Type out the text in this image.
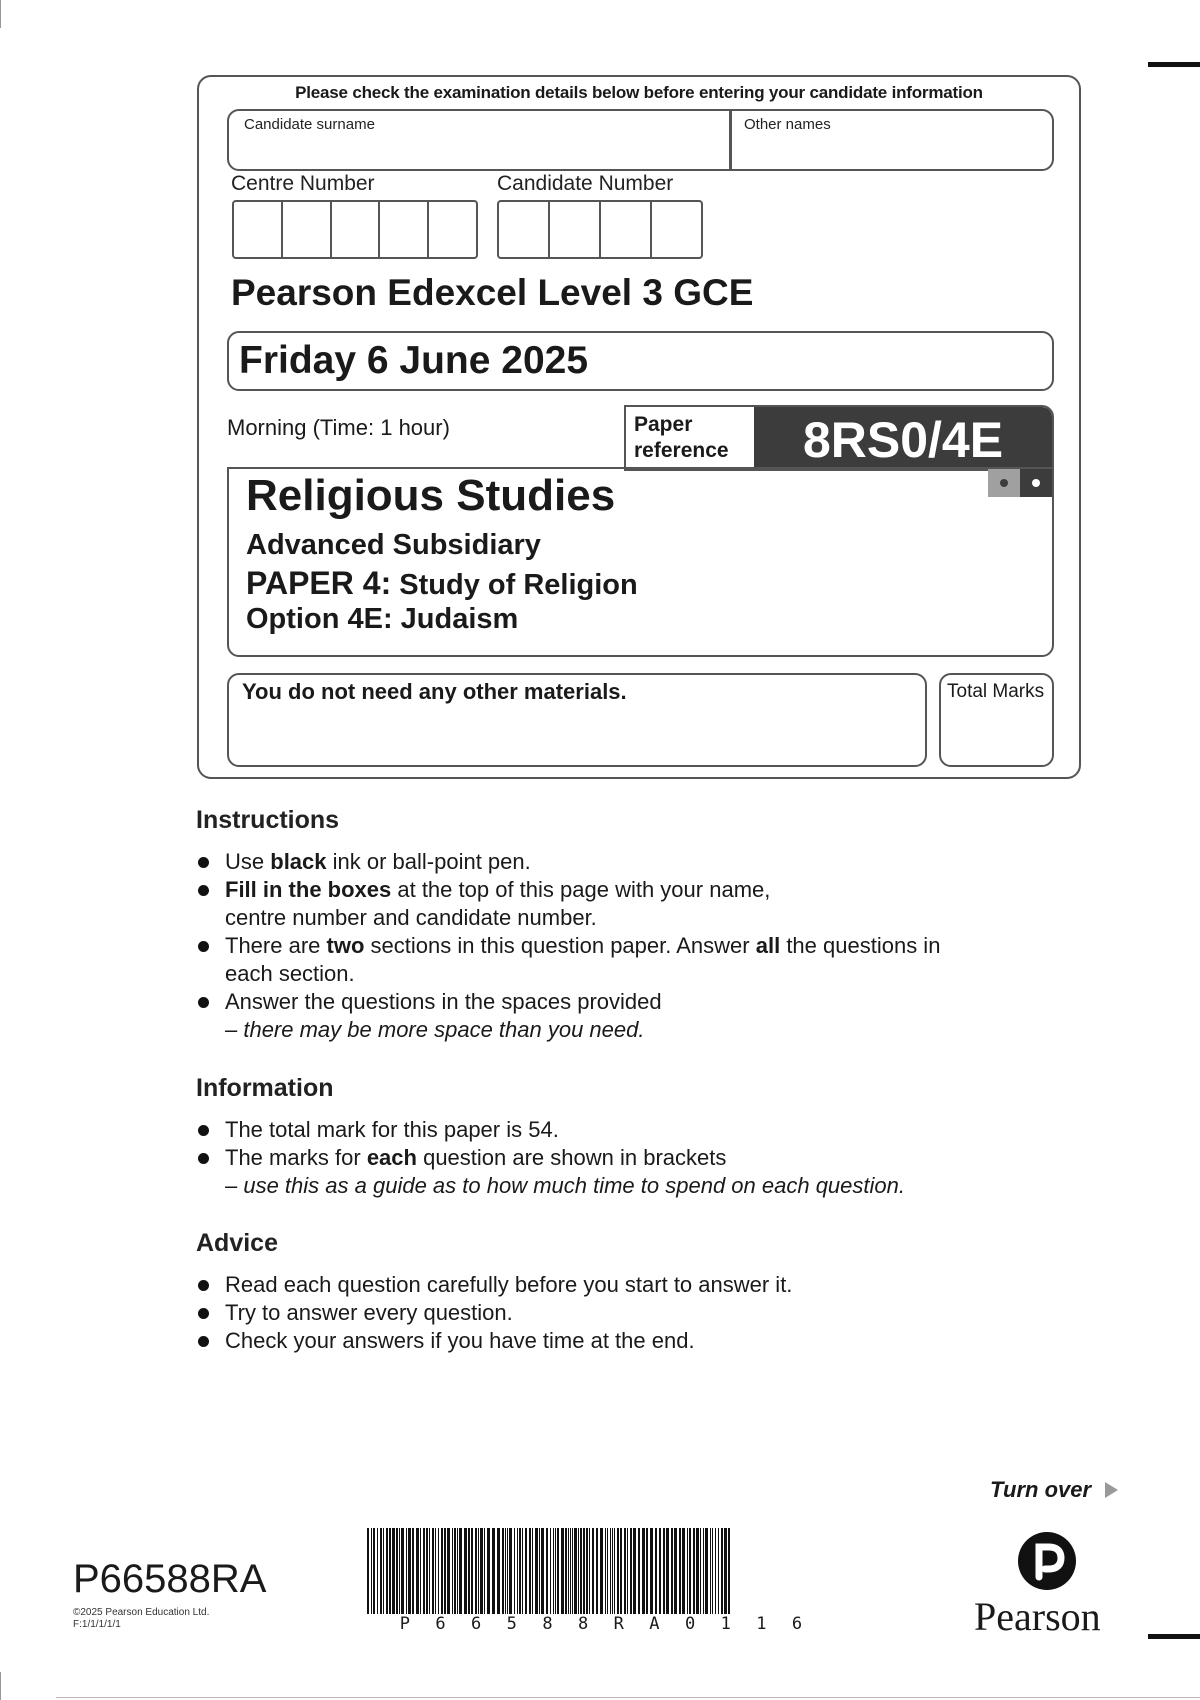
Please check the examination details below before entering your candidate information
Candidate surname	Other names
Centre Number	Candidate Number
Pearson Edexcel Level 3 GCE
Friday 6 June 2025
Morning (Time: 1 hour)	Paper
reference	8RS0/4E
Religious Studies
Advanced Subsidiary
PAPER 4: Study of Religion
Option 4E: Judaism
You do not need any other materials.	Total Marks
Instructions
Use black ink or ball-point pen.
Fill in the boxes at the top of this page with your name,
centre number and candidate number.
There are two sections in this question paper. Answer all the questions in
each section.
Answer the questions in the spaces provided
– there may be more space than you need.
Information
The total mark for this paper is 54.
The marks for each question are shown in brackets
– use this as a guide as to how much time to spend on each question.
Advice
Read each question carefully before you start to answer it.
Try to answer every question.
Check your answers if you have time at the end.
Turn over
P66588RA
©2025 Pearson Education Ltd.
F:1/1/1/1/1	P 6 6 5 8 8 R A 0 1 1 6	Pearson
